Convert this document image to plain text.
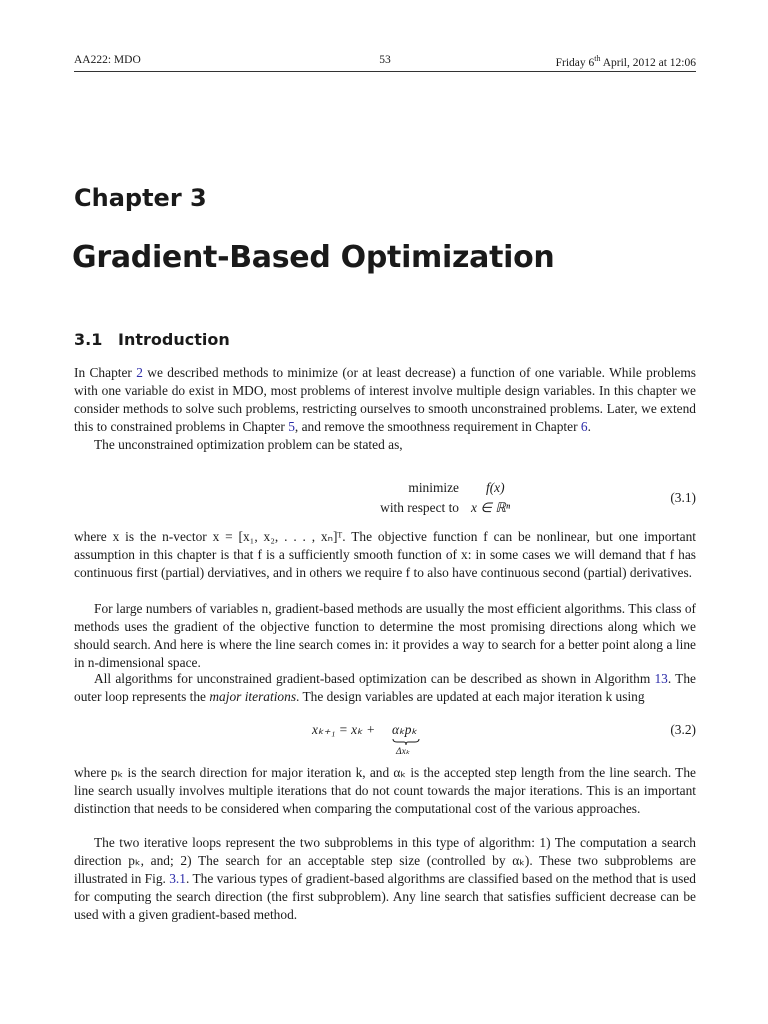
AA222: MDO	53	Friday 6th April, 2012 at 12:06
Chapter 3
Gradient-Based Optimization
3.1 Introduction

In Chapter 2 we described methods to minimize (or at least decrease) a function of one variable. While problems with one variable do exist in MDO, most problems of interest involve multiple design variables. In this chapter we consider methods to solve such problems, restricting ourselves to smooth unconstrained problems. Later, we extend this to constrained problems in Chapter 5, and remove the smoothness requirement in Chapter 6.

The unconstrained optimization problem can be stated as,

minimize f(x)
with respect to x ∈ ℝⁿ
(3.1)
where x is the n-vector x = [x₁, x₂, . . . , xₙ]ᵀ. The objective function f can be nonlinear, but one important assumption in this chapter is that f is a sufficiently smooth function of x: in some cases we will demand that f has continuous first (partial) derviatives, and in others we require f to also have continuous second (partial) derivatives.
For large numbers of variables n, gradient-based methods are usually the most efficient algorithms. This class of methods uses the gradient of the objective function to determine the most promising directions along which we should search. And here is where the line search comes in: it provides a way to search for a better point along a line in n-dimensional space.

All algorithms for unconstrained gradient-based optimization can be described as shown in Algorithm 13. The outer loop represents the major iterations. The design variables are updated at each major iteration k using

xₖ₊₁ = xₖ + αₖpₖ
Δxₖ
(3.2)
where pₖ is the search direction for major iteration k, and αₖ is the accepted step length from the line search. The line search usually involves multiple iterations that do not count towards the major iterations. This is an important distinction that needs to be considered when comparing the computational cost of the various approaches.

The two iterative loops represent the two subproblems in this type of algorithm: 1) The computation a search direction pₖ, and; 2) The search for an acceptable step size (controlled by αₖ). These two subproblems are illustrated in Fig. 3.1. The various types of gradient-based algorithms are classified based on the method that is used for computing the search direction (the first subproblem). Any line search that satisfies sufficient decrease can be used with a given gradient-based method.
